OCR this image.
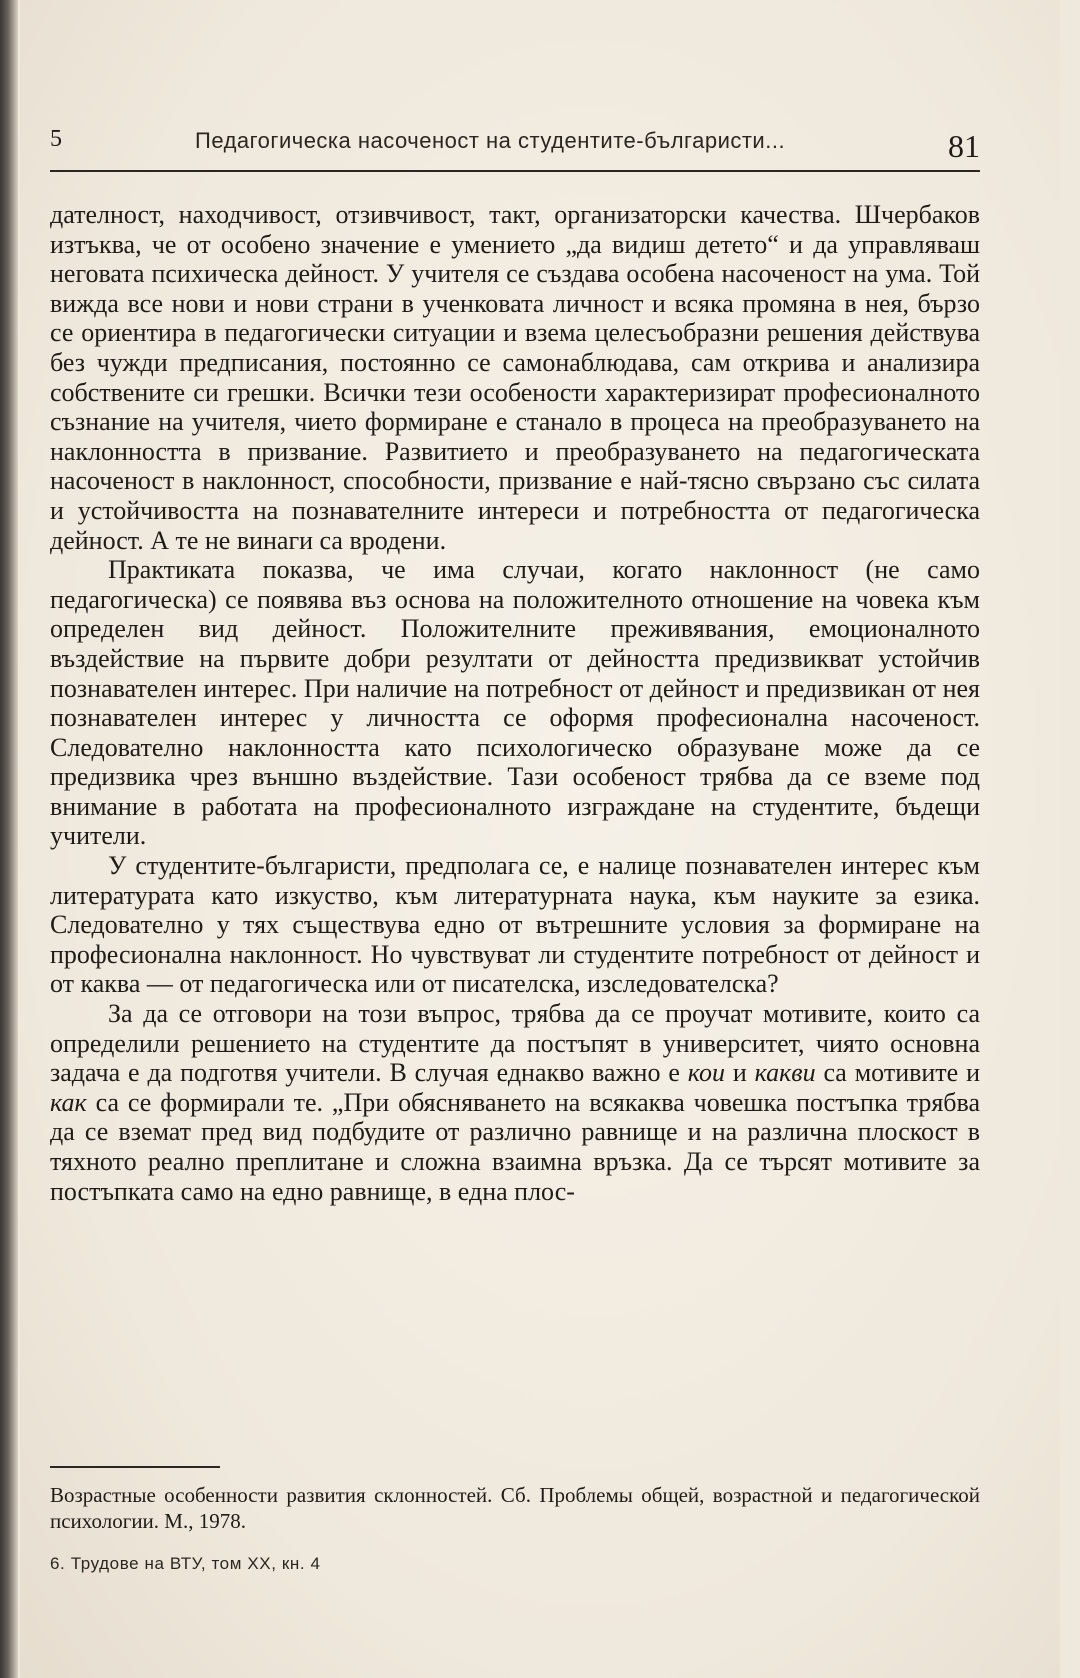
5	Педагогическа насоченост на студентите-българисти...	81

дателност, находчивост, отзивчивост, такт, организаторски качества. Шчербаков изтъква, че от особено значение е умението „да видиш детето“ и да управляваш неговата психическа дейност. У учителя се създава особена насоченост на ума. Той вижда все нови и нови страни в ученковата личност и всяка промяна в нея, бързо се ориентира в педагогически ситуации и взема целесъобразни решения действува без чужди предписания, постоянно се самонаблюдава, сам открива и анализира собствените си грешки. Всички тези особености характеризират професионалното съзнание на учителя, чието формиране е станало в процеса на преобразуването на наклонността в призвание. Развитието и преобразуването на педагогическата насоченост в наклонност, способности, призвание е най-тясно свързано със силата и устойчивостта на познавателните интереси и потребността от педагогическа дейност. А те не винаги са вродени.

Практиката показва, че има случаи, когато наклонност (не само педагогическа) се появява въз основа на положителното отношение на човека към определен вид дейност. Положителните преживявания, емоционалното въздействие на първите добри резултати от дейността предизвикват устойчив познавателен интерес. При наличие на потребност от дейност и предизвикан от нея познавателен интерес у личността се оформя професионална насоченост. Следователно наклонността като психологическо образуване може да се предизвика чрез външно въздействие. Тази особеност трябва да се вземе под внимание в работата на професионалното изграждане на студентите, бъдещи учители.

У студентите-българисти, предполага се, е налице познавателен интерес към литературата като изкуство, към литературната наука, към науките за езика. Следователно у тях съществува едно от вътрешните условия за формиране на професионална наклонност. Но чувствуват ли студентите потребност от дейност и от каква — от педагогическа или от писателска, изследователска?

За да се отговори на този въпрос, трябва да се проучат мотивите, които са определили решението на студентите да постъпят в университет, чиято основна задача е да подготвя учители. В случая еднакво важно е кои и какви са мотивите и как са се формирали те. „При обясняването на всякаква човешка постъпка трябва да се вземат пред вид подбудите от различно равнище и на различна плоскост в тяхното реално преплитане и сложна взаимна връзка. Да се търсят мотивите за постъпката само на едно равнище, в една плос-

Возрастные особенности развития склонностей. Сб. Проблемы общей, возрастной и педагогической психологии. М., 1978.

6. Трудове на ВТУ, том XX, кн. 4
